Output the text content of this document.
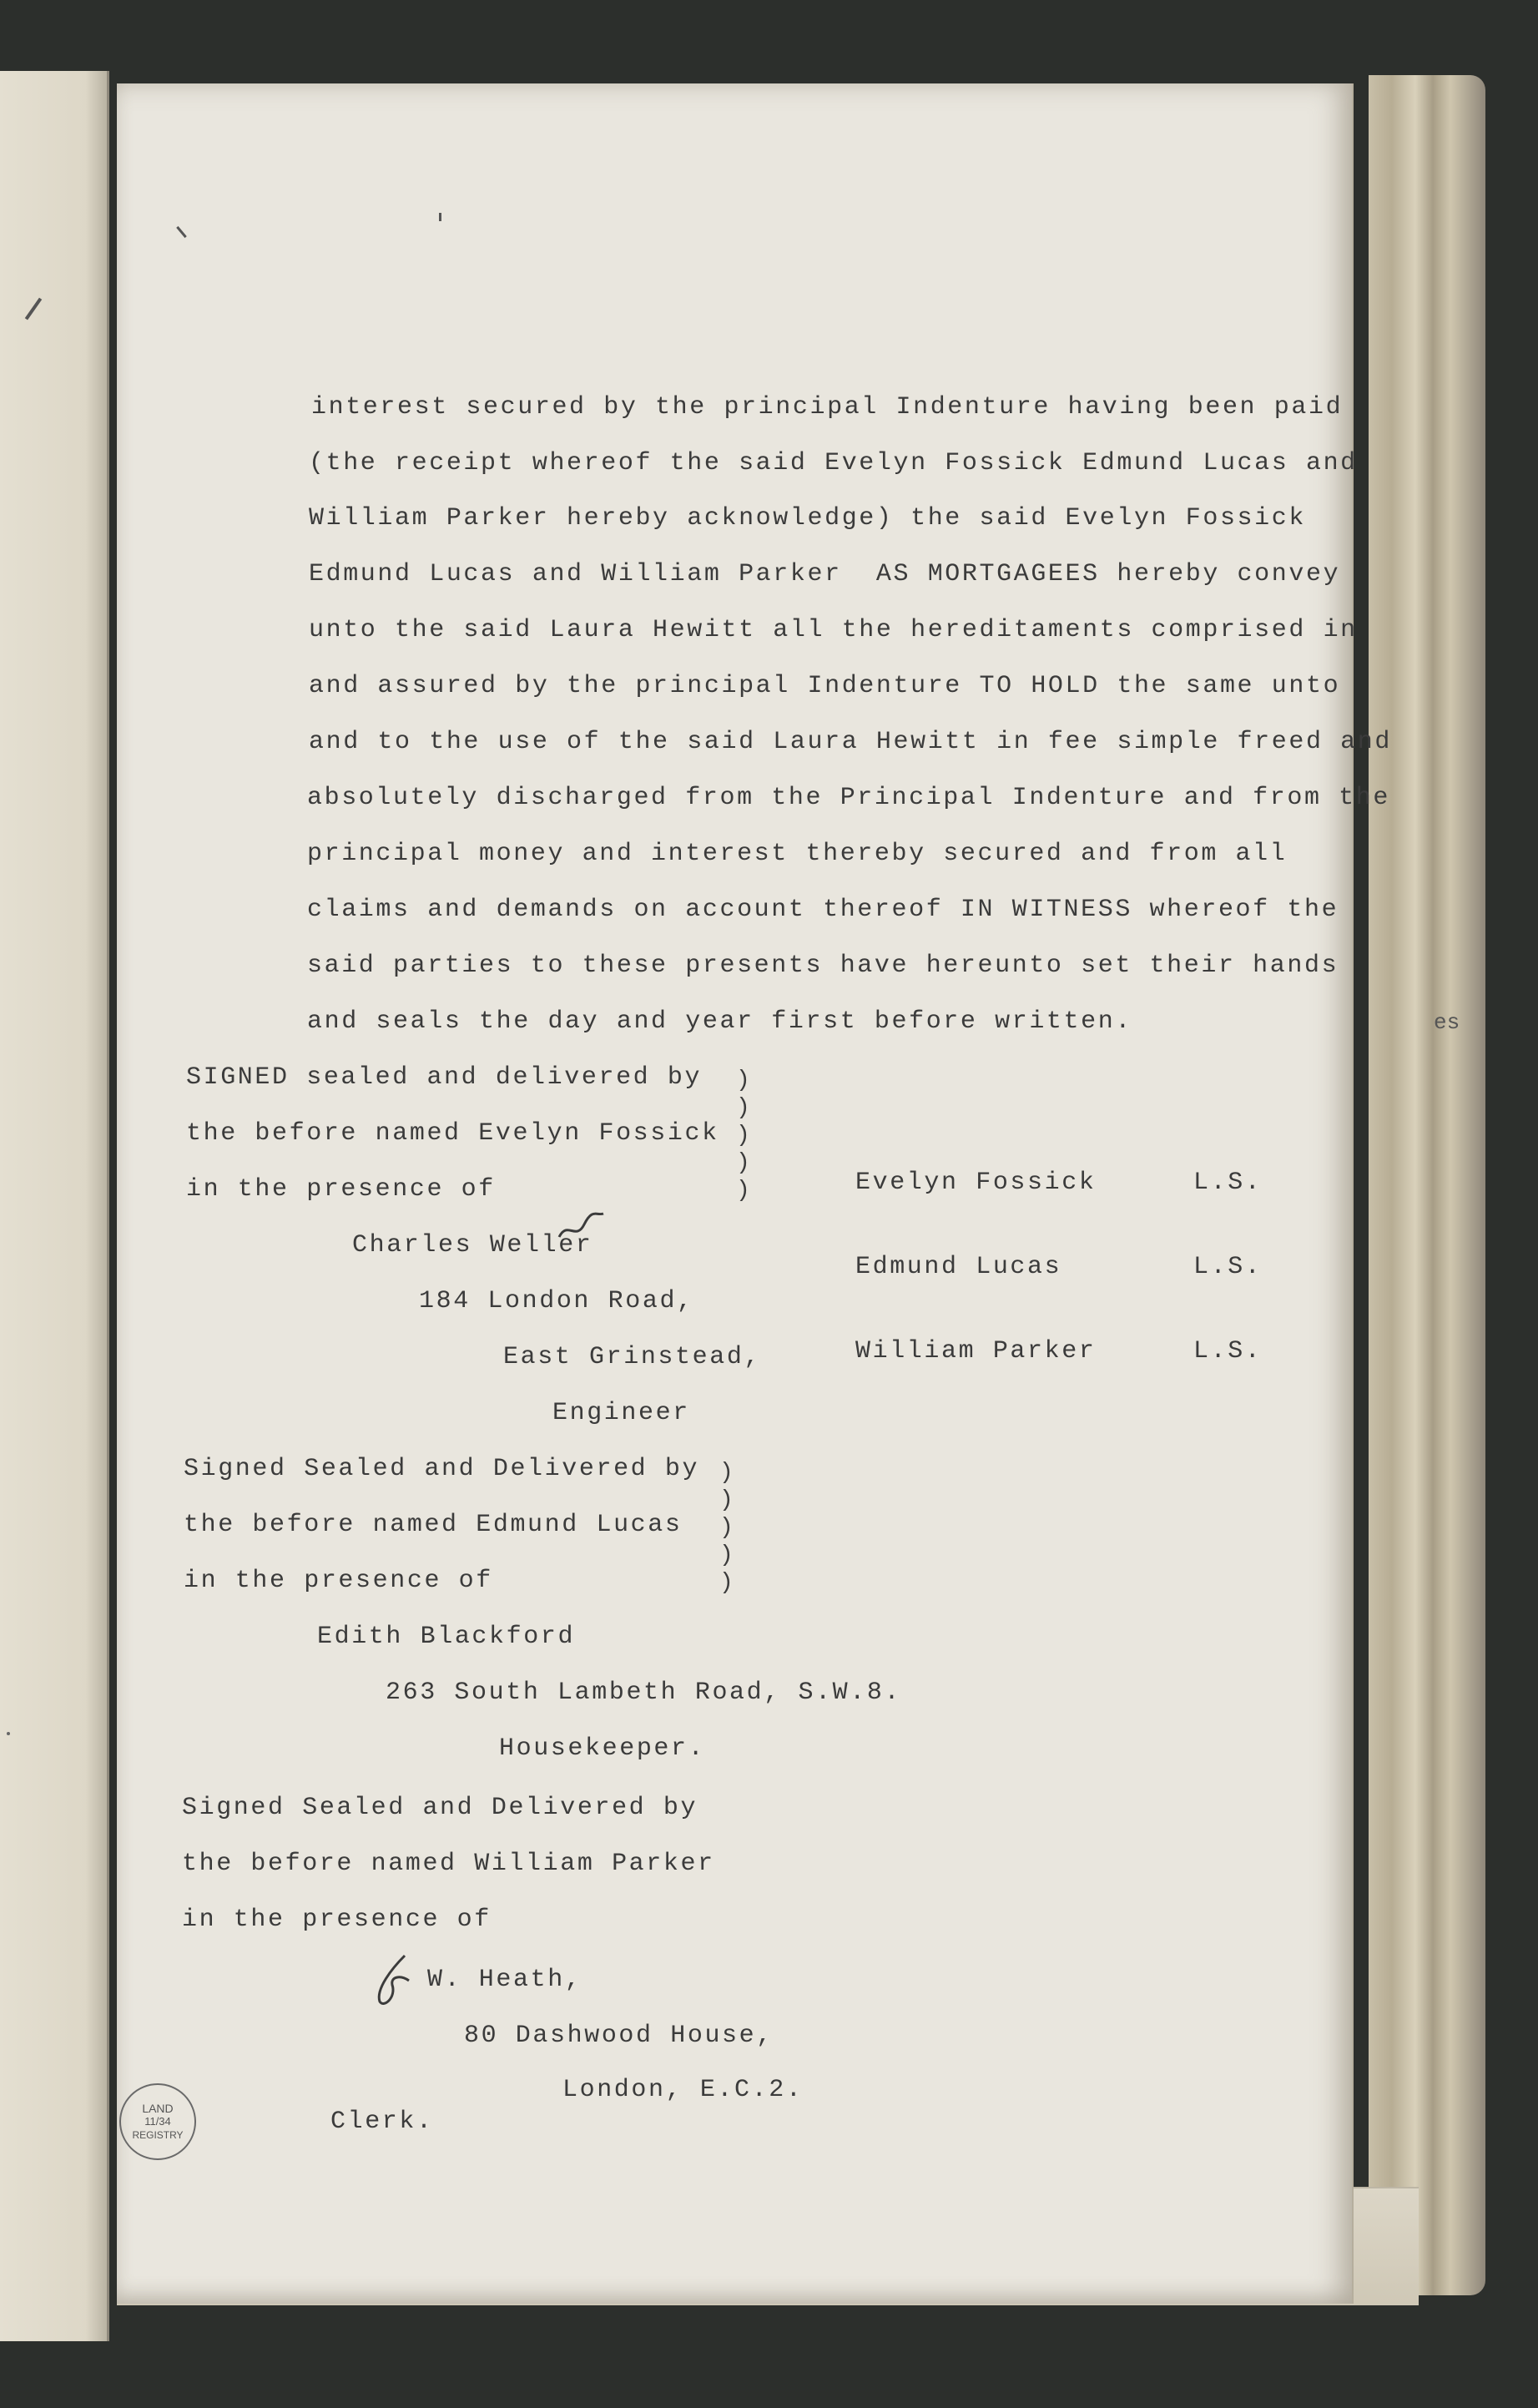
es
interest secured by the principal Indenture having been paid
(the receipt whereof the said Evelyn Fossick Edmund Lucas and
William Parker hereby acknowledge) the said Evelyn Fossick
Edmund Lucas and William Parker  AS MORTGAGEES hereby convey
unto the said Laura Hewitt all the hereditaments comprised in
and assured by the principal Indenture TO HOLD the same unto
and to the use of the said Laura Hewitt in fee simple freed and
absolutely discharged from the Principal Indenture and from the
principal money and interest thereby secured and from all
claims and demands on account thereof IN WITNESS whereof the
said parties to these presents have hereunto set their hands
and seals the day and year first before written.
SIGNED sealed and delivered by
the before named Evelyn Fossick
in the presence of
)
)
)
)
)
Charles Weller
184 London Road,
East Grinstead,
Engineer
Evelyn Fossick	L.S.
Edmund Lucas	L.S.
William Parker	L.S.
Signed Sealed and Delivered by
the before named Edmund Lucas
in the presence of
)
)
)
)
)
Edith Blackford
263 South Lambeth Road, S.W.8.
Housekeeper.
Signed Sealed and Delivered by
the before named William Parker
in the presence of
W. Heath,
80 Dashwood House,
London, E.C.2.
Clerk.
LAND
11/34
REGISTRY
